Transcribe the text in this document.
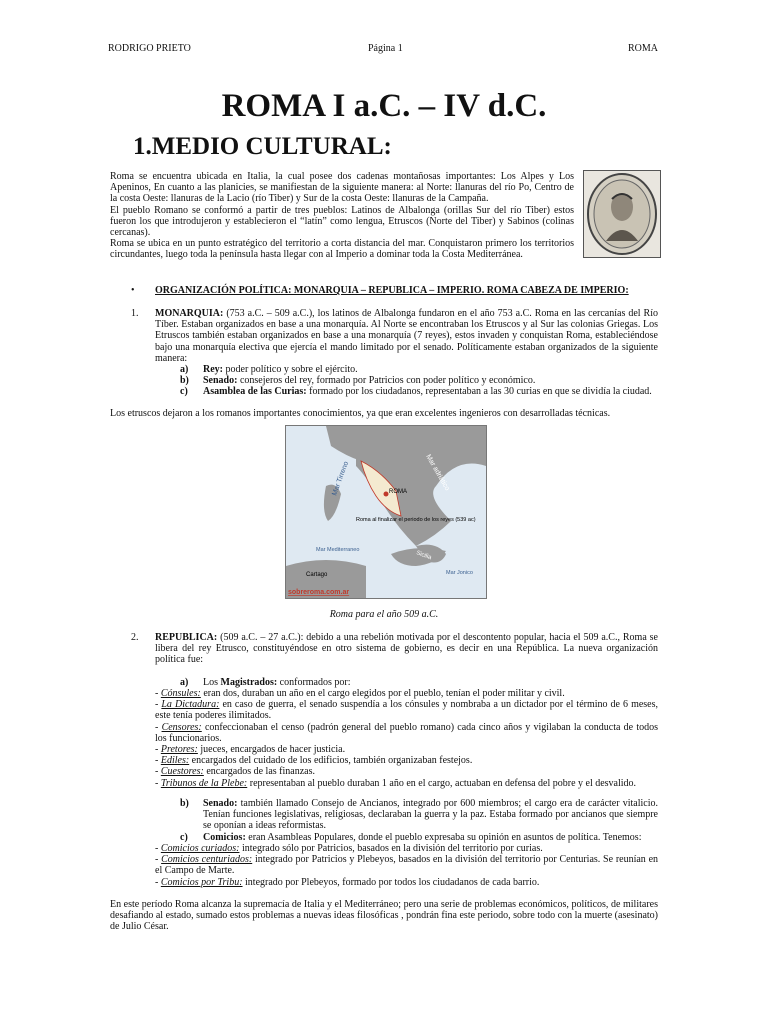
RODRIGO PRIETO	Página 1	ROMA
ROMA I a.C. – IV d.C.
1.MEDIO CULTURAL:

Roma se encuentra ubicada en Italia, la cual posee dos cadenas montañosas importantes: Los Alpes y Los Apeninos, En cuanto a las planicies, se manifiestan de la siguiente manera: al Norte: llanuras del río Po, Centro de la costa Oeste: llanuras de la Lacio (río Tiber) y Sur de la costa Oeste: llanuras de la Campaña.

El pueblo Romano se conformó a partir de tres pueblos: Latinos de Albalonga (orillas Sur del río Tiber) estos fueron los que introdujeron y establecieron el “latín” como lengua, Etruscos (Norte del Tiber) y Sabinos (colinas cercanas).

Roma se ubica en un punto estratégico del territorio a corta distancia del mar. Conquistaron primero los territorios circundantes, luego toda la península hasta llegar con al Imperio a dominar toda la Costa Mediterránea.

• ORGANIZACIÓN POLÍTICA: MONARQUIA – REPUBLICA – IMPERIO. ROMA CABEZA DE IMPERIO:
1. MONARQUIA: (753 a.C. – 509 a.C.), los latinos de Albalonga fundaron en el año 753 a.C. Roma en las cercanías del Río Tíber. Estaban organizados en base a una monarquía. Al Norte se encontraban los Etruscos y al Sur las colonias Griegas. Los Etruscos también estaban organizados en base a una monarquía (7 reyes), estos invaden y conquistan Roma, estableciéndose bajo una monarquía electiva que ejercía el mando limitado por el senado. Políticamente estaban organizados de la siguiente manera:
a) Rey: poder político y sobre el ejército.
b) Senado: consejeros del rey, formado por Patricios con poder político y económico.
c) Asamblea de las Curias: formado por los ciudadanos, representaban a las 30 curias en que se dividía la ciudad.
Los etruscos dejaron a los romanos importantes conocimientos, ya que eran excelentes ingenieros con desarrolladas técnicas.
ROMA
Mar Tirreno	Mar adriático
Roma al finalizar el periodo de los reyes (539 ac)
Mar Mediterraneo
Cartago
Sicilia
Mar Jonico
sobreroma.com.ar
Roma para el año 509 a.C.
2. REPUBLICA: (509 a.C. – 27 a.C.): debido a una rebelión motivada por el descontento popular, hacia el 509 a.C., Roma se libera del rey Etrusco, constituyéndose en otro sistema de gobierno, es decir en una República. La nueva organización política fue:
a) Los Magistrados: conformados por:
- Cónsules: eran dos, duraban un año en el cargo elegidos por el pueblo, tenían el poder militar y civil.
- La Dictadura: en caso de guerra, el senado suspendía a los cónsules y nombraba a un dictador por el término de 6 meses, este tenía poderes ilimitados.
- Censores: confeccionaban el censo (padrón general del pueblo romano) cada cinco años y vigilaban la conducta de todos los funcionarios.
- Pretores: jueces, encargados de hacer justicia.
- Ediles: encargados del cuidado de los edificios, también organizaban festejos.
- Cuestores: encargados de las finanzas.
- Tribunos de la Plebe: representaban al pueblo duraban 1 año en el cargo, actuaban en defensa del pobre y el desvalido.
b) Senado: también llamado Consejo de Ancianos, integrado por 600 miembros; el cargo era de carácter vitalicio. Tenían funciones legislativas, religiosas, declaraban la guerra y la paz. Estaba formado por ancianos que siempre se oponían a ideas reformistas.
c) Comicios: eran Asambleas Populares, donde el pueblo expresaba su opinión en asuntos de política. Tenemos:
- Comicios curiados: integrado sólo por Patricios, basados en la división del territorio por curias.
- Comicios centuriados: integrado por Patricios y Plebeyos, basados en la división del territorio por Centurias. Se reunían en el Campo de Marte.
- Comicios por Tribu: integrado por Plebeyos, formado por todos los ciudadanos de cada barrio.
En este período Roma alcanza la supremacía de Italia y el Mediterráneo; pero una serie de problemas económicos, políticos, de militares desafiando al estado, sumado estos problemas a nuevas ideas filosóficas , pondrán fina este periodo, sobre todo con la muerte (asesinato) de Julio César.
